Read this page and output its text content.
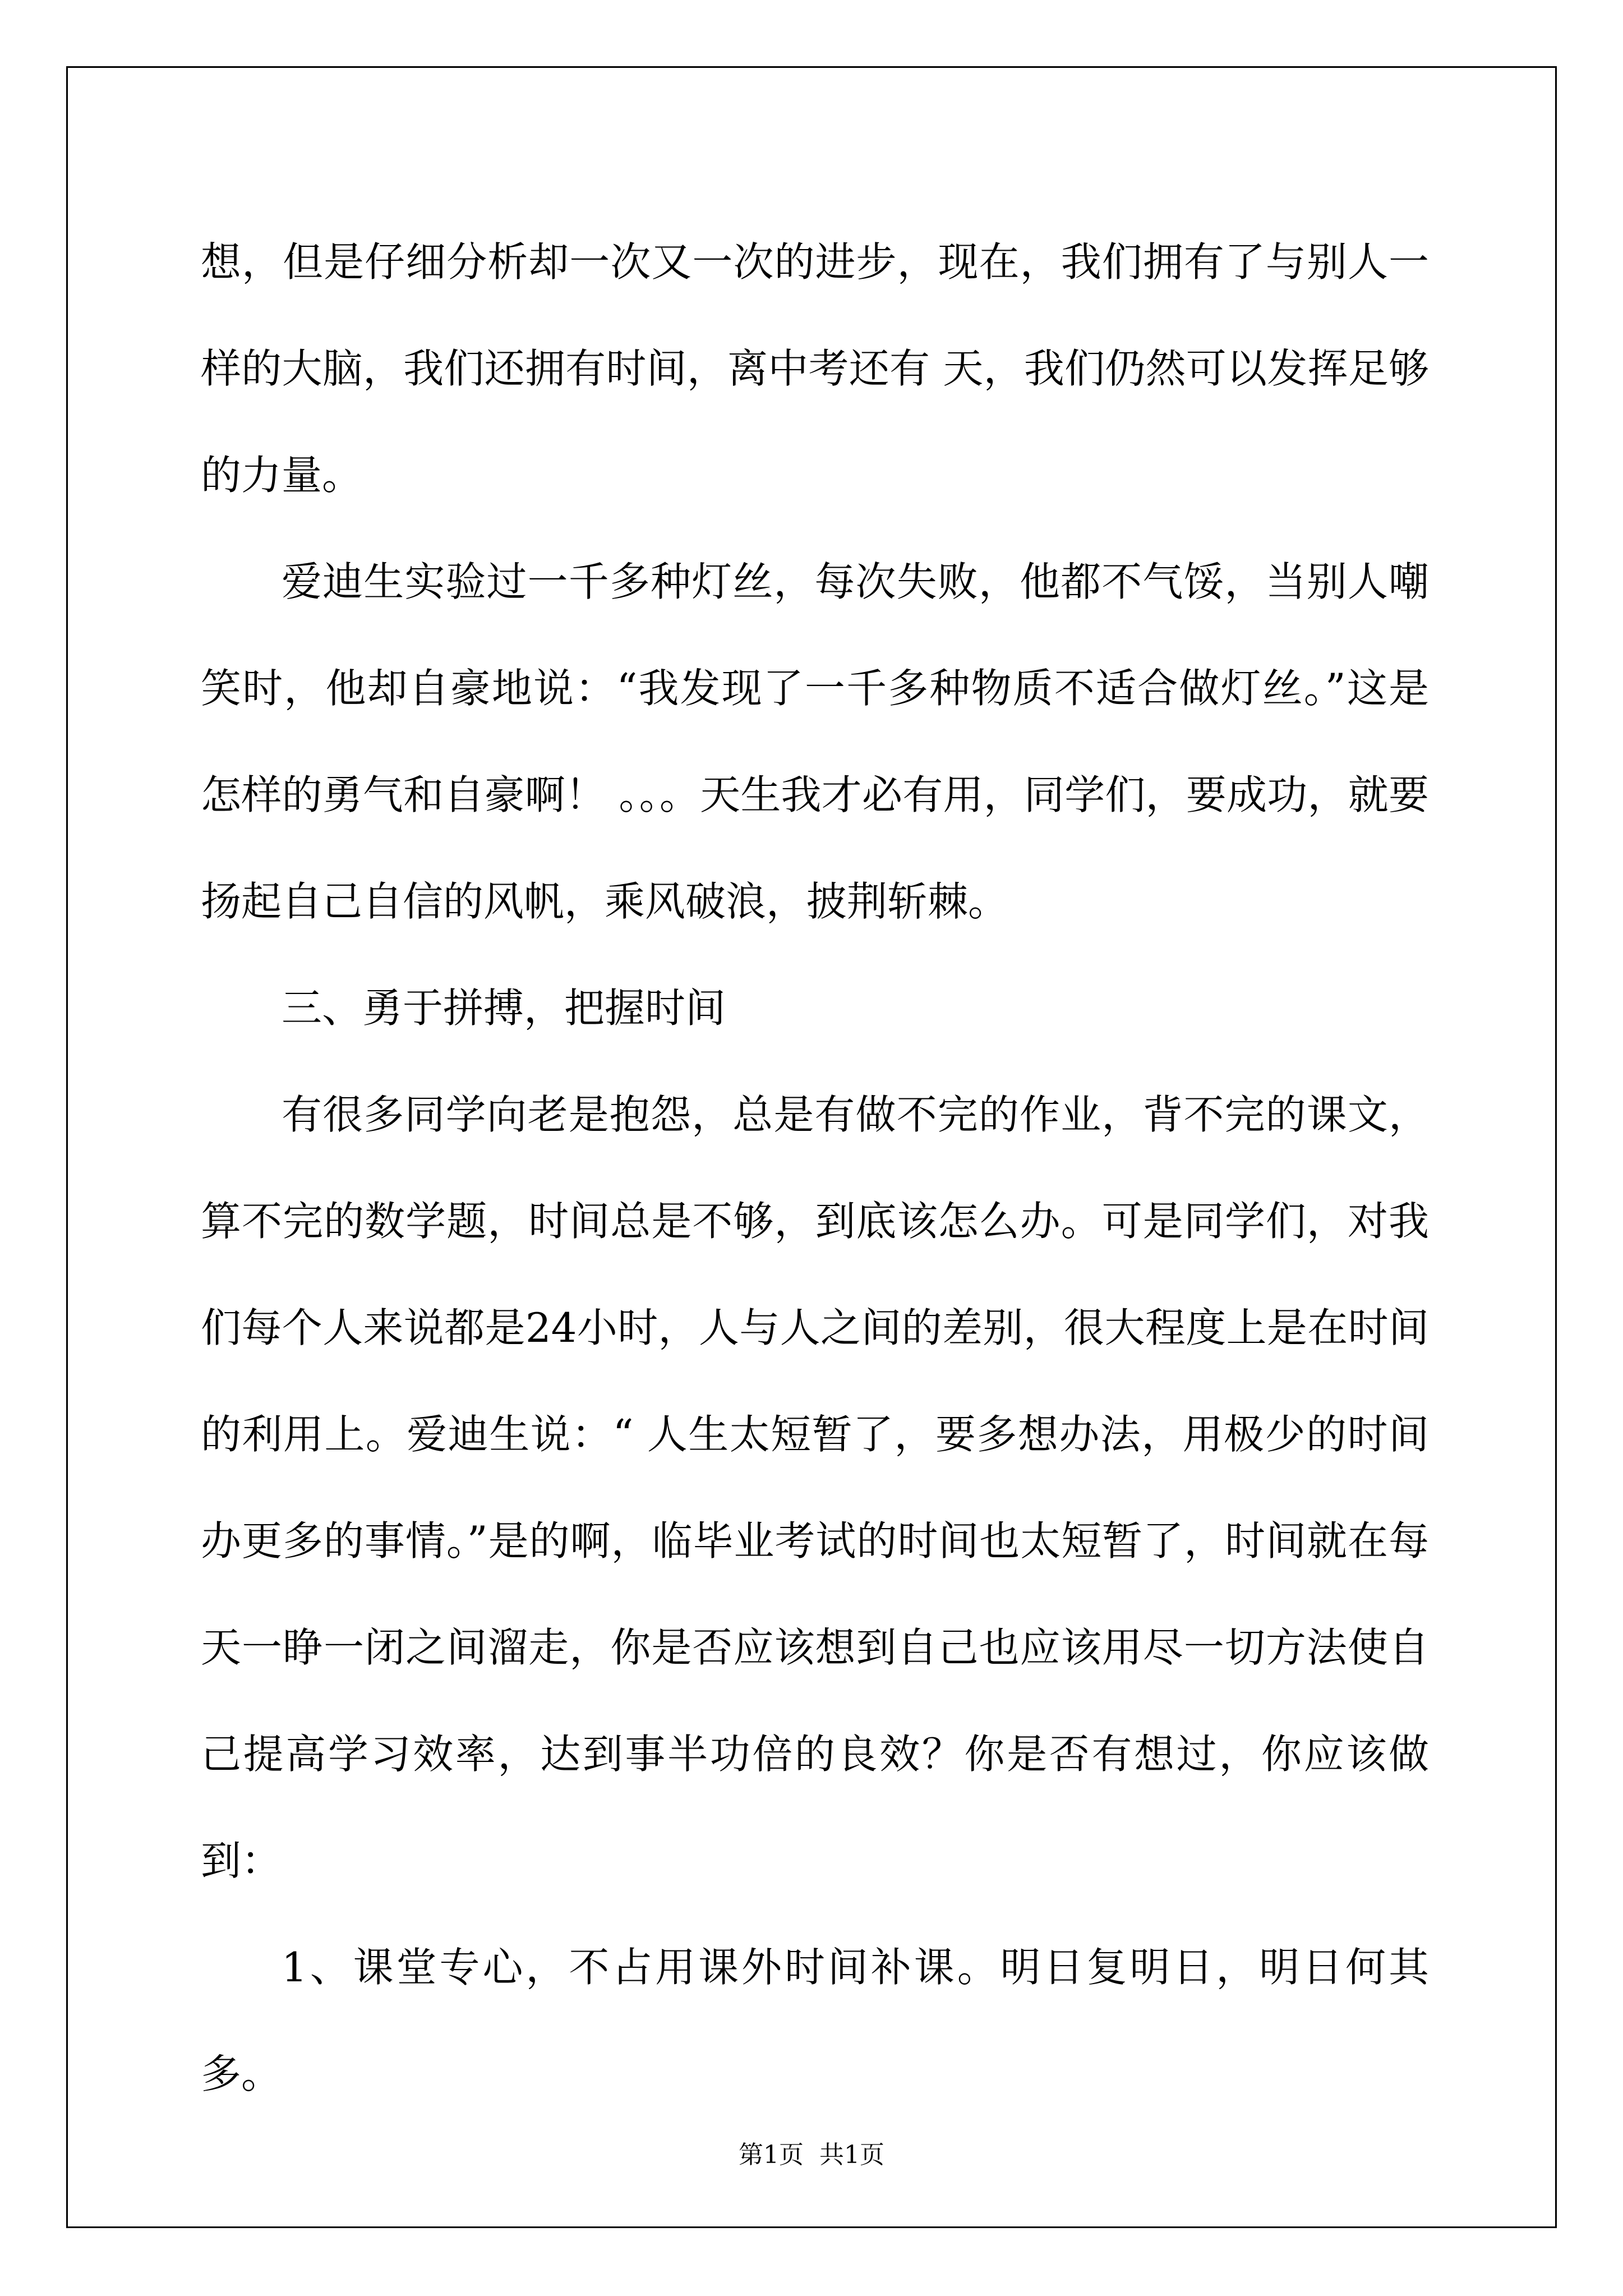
想，但是仔细分析却一次又一次的进步，现在，我们拥有了与别人一样的大脑，我们还拥有时间，离中考还有 天，我们仍然可以发挥足够的力量。

爱迪生实验过一千多种灯丝，每次失败，他都不气馁，当别人嘲笑时，他却自豪地说：“我发现了一千多种物质不适合做灯丝。”这是怎样的勇气和自豪啊！ 。。。天生我才必有用，同学们，要成功，就要扬起自己自信的风帆，乘风破浪，披荆斩棘。

三、勇于拼搏，把握时间

有很多同学向老是抱怨，总是有做不完的作业，背不完的课文，算不完的数学题，时间总是不够，到底该怎么办。可是同学们，对我们每个人来说都是24小时，人与人之间的差别，很大程度上是在时间的利用上。爱迪生说：“ 人生太短暂了，要多想办法，用极少的时间办更多的事情。”是的啊，临毕业考试的时间也太短暂了，时间就在每天一睁一闭之间溜走，你是否应该想到自己也应该用尽一切方法使自己提高学习效率，达到事半功倍的良效？你是否有想过，你应该做到：

1、课堂专心，不占用课外时间补课。明日复明日，明日何其多。

第1页  共1页
